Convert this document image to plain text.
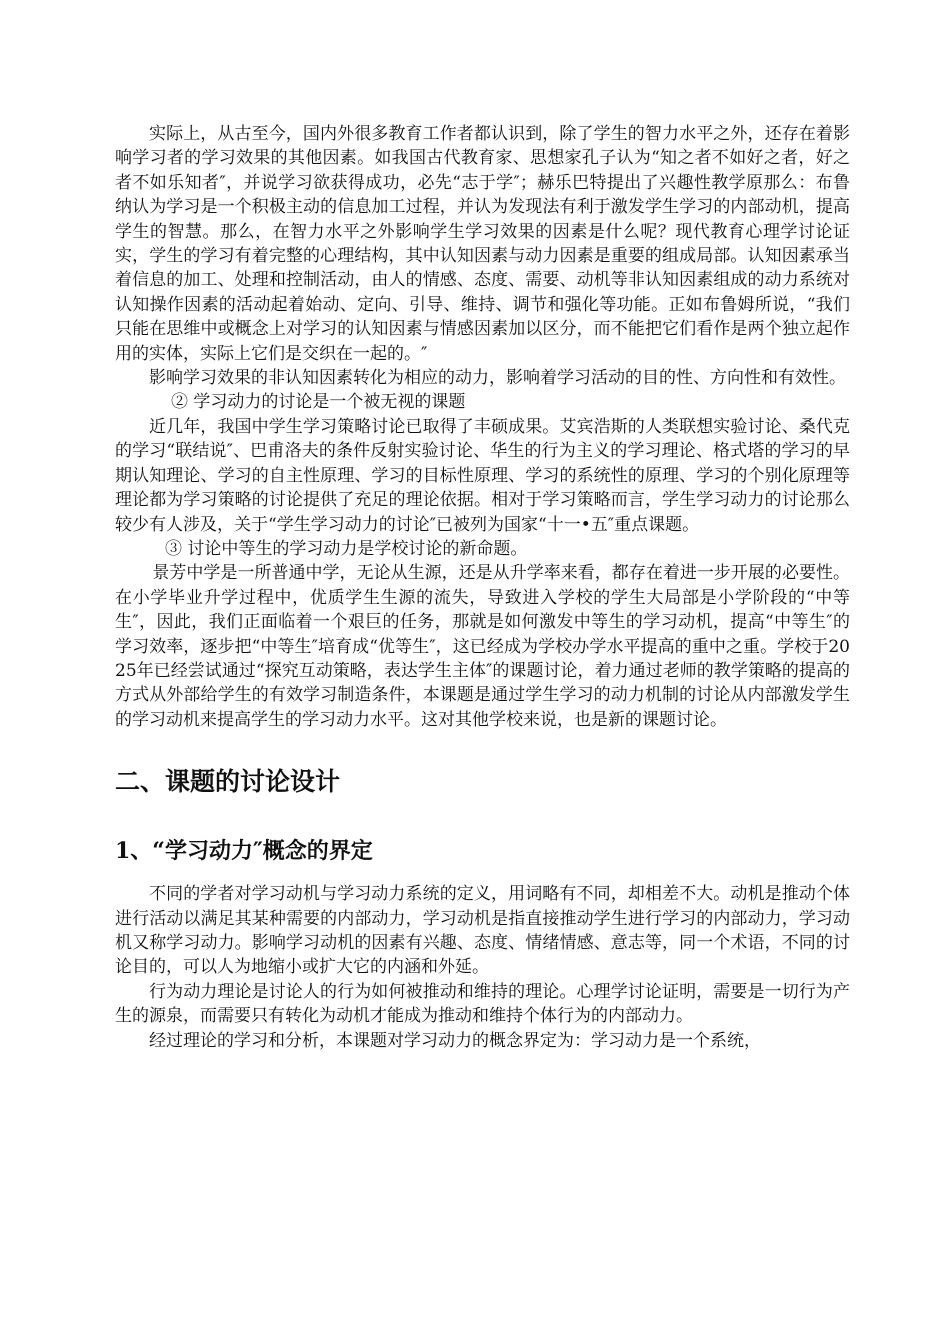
实际上，从古至今，国内外很多教育工作者都认识到，除了学生的智力水平之外，还存在着影响学习者的学习效果的其他因素。如我国古代教育家、思想家孔子认为“知之者不如好之者，好之者不如乐知者″，并说学习欲获得成功，必先“志于学″；赫乐巴特提出了兴趣性教学原那么：布鲁纳认为学习是一个积极主动的信息加工过程，并认为发现法有利于激发学生学习的内部动机，提高学生的智慧。那么，在智力水平之外影响学生学习效果的因素是什么呢？现代教育心理学讨论证实，学生的学习有着完整的心理结构，其中认知因素与动力因素是重要的组成局部。认知因素承当着信息的加工、处理和控制活动，由人的情感、态度、需要、动机等非认知因素组成的动力系统对认知操作因素的活动起着始动、定向、引导、维持、调节和强化等功能。正如布鲁姆所说，“我们只能在思维中或概念上对学习的认知因素与情感因素加以区分，而不能把它们看作是两个独立起作用的实体，实际上它们是交织在一起的。″

影响学习效果的非认知因素转化为相应的动力，影响着学习活动的目的性、方向性和有效性。

② 学习动力的讨论是一个被无视的课题

近几年，我国中学生学习策略讨论已取得了丰硕成果。艾宾浩斯的人类联想实验讨论、桑代克的学习“联结说″、巴甫洛夫的条件反射实验讨论、华生的行为主义的学习理论、格式塔的学习的早期认知理论、学习的自主性原理、学习的目标性原理、学习的系统性的原理、学习的个别化原理等理论都为学习策略的讨论提供了充足的理论依据。相对于学习策略而言，学生学习动力的讨论那么较少有人涉及，关于“学生学习动力的讨论″已被列为国家“十一•五″重点课题。

③ 讨论中等生的学习动力是学校讨论的新命题。

景芳中学是一所普通中学，无论从生源，还是从升学率来看，都存在着进一步开展的必要性。在小学毕业升学过程中，优质学生生源的流失，导致进入学校的学生大局部是小学阶段的“中等生″，因此，我们正面临着一个艰巨的任务，那就是如何激发中等生的学习动机，提高“中等生″的学习效率，逐步把“中等生″培育成“优等生″，这已经成为学校办学水平提高的重中之重。学校于2025年已经尝试通过“探究互动策略，表达学生主体″的课题讨论，着力通过老师的教学策略的提高的方式从外部给学生的有效学习制造条件，本课题是通过学生学习的动力机制的讨论从内部激发学生的学习动机来提高学生的学习动力水平。这对其他学校来说，也是新的课题讨论。

二、课题的讨论设计
1、“学习动力″概念的界定

不同的学者对学习动机与学习动力系统的定义，用词略有不同，却相差不大。动机是推动个体进行活动以满足其某种需要的内部动力，学习动机是指直接推动学生进行学习的内部动力，学习动机又称学习动力。影响学习动机的因素有兴趣、态度、情绪情感、意志等，同一个术语，不同的讨论目的，可以人为地缩小或扩大它的内涵和外延。

行为动力理论是讨论人的行为如何被推动和维持的理论。心理学讨论证明，需要是一切行为产生的源泉，而需要只有转化为动机才能成为推动和维持个体行为的内部动力。

经过理论的学习和分析，本课题对学习动力的概念界定为：学习动力是一个系统，
